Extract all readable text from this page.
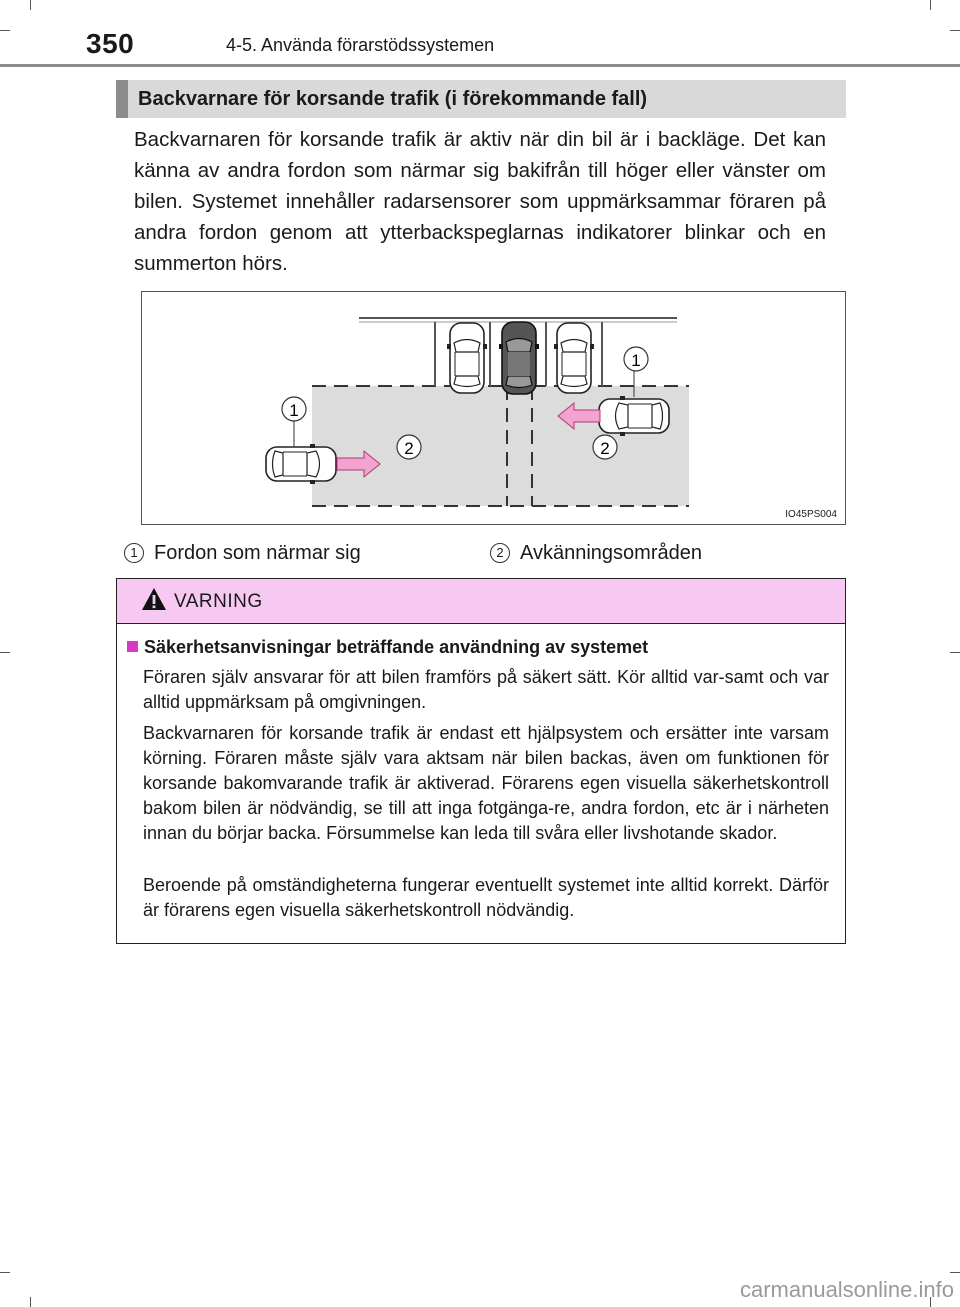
350	4-5. Använda förarstödssystemen
Backvarnare för korsande trafik (i förekommande fall)

Backvarnaren för korsande trafik är aktiv när din bil är i backläge. Det kan känna av andra fordon som närmar sig bakifrån till höger eller vänster om bilen. Systemet innehåller radarsensorer som uppmärksammar föraren på andra fordon genom att ytterbackspeglarnas indikatorer blinkar och en summerton hörs.

1
2
1
2
IO45PS004
1 Fordon som närmar sig	2 Avkänningsområden
VARNING
Säkerhetsanvisningar beträffande användning av systemet

Föraren själv ansvarar för att bilen framförs på säkert sätt. Kör alltid var-samt och var alltid uppmärksam på omgivningen.

Backvarnaren för korsande trafik är endast ett hjälpsystem och ersätter inte varsam körning. Föraren måste själv vara aktsam när bilen backas, även om funktionen för korsande bakomvarande trafik är aktiverad. Förarens egen visuella säkerhetskontroll bakom bilen är nödvändig, se till att inga fotgänga-re, andra fordon, etc är i närheten innan du börjar backa. Försummelse kan leda till svåra eller livshotande skador.

Beroende på omständigheterna fungerar eventuellt systemet inte alltid korrekt. Därför är förarens egen visuella säkerhetskontroll nödvändig.

carmanualsonline.info
